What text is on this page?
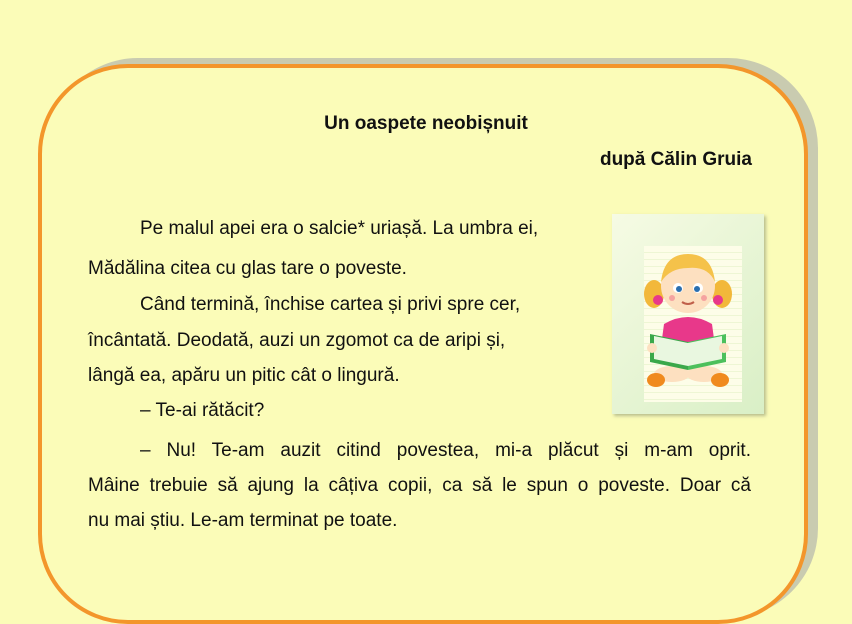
Un oaspete neobișnuit
după Călin Gruia
Pe malul apei era o salcie* uriașă. La umbra ei,
Mădălina citea cu glas tare o poveste.
Când termină, închise cartea și privi spre cer,
încântată. Deodată, auzi un zgomot ca de aripi și,
lângă ea, apăru un pitic cât o lingură.
– Te-ai rătăcit?
– Nu! Te-am auzit citind povestea, mi-a plăcut și m-am oprit.
Mâine trebuie să ajung la câțiva copii, ca să le spun o poveste. Doar că
nu mai știu. Le-am terminat pe toate.
